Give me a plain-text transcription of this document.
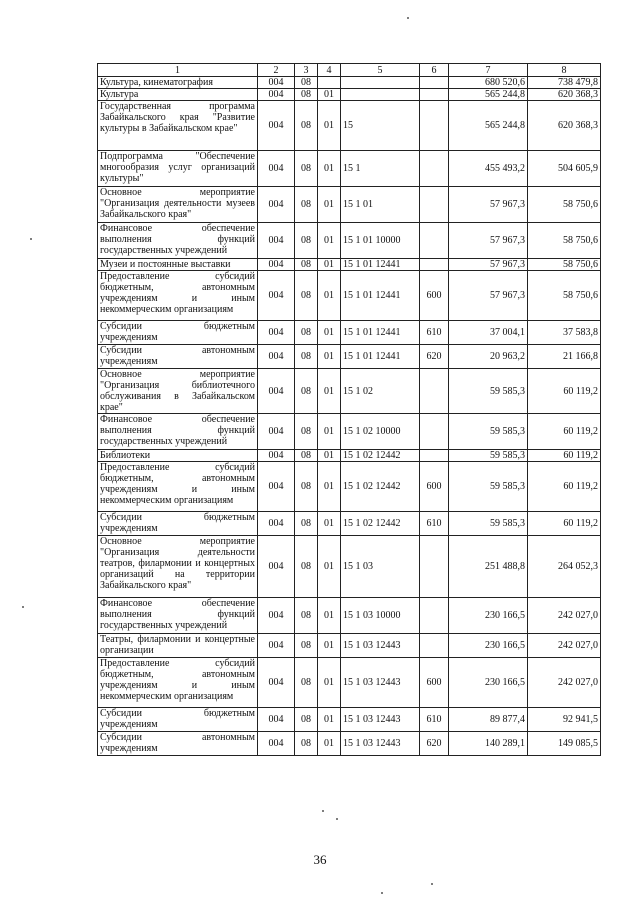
1	2	3	4	5	6	7	8
Культура, кинематография	004	08				680 520,6	738 479,8
Культура	004	08	01			565 244,8	620 368,3
Государственная программа Забайкальского края "Развитие культуры в Забайкальском крае"	004	08	01	15		565 244,8	620 368,3
Подпрограмма "Обеспечение многообразия услуг организаций культуры"	004	08	01	15 1		455 493,2	504 605,9
Основное мероприятие "Организация деятельности музеев Забайкальского края"	004	08	01	15 1 01		57 967,3	58 750,6
Финансовое обеспечение выполнения функций государственных учреждений	004	08	01	15 1 01 10000		57 967,3	58 750,6
Музеи и постоянные выставки	004	08	01	15 1 01 12441		57 967,3	58 750,6
Предоставление субсидий бюджетным, автономным учреждениям и иным некоммерческим организациям	004	08	01	15 1 01 12441	600	57 967,3	58 750,6
Субсидии бюджетным учреждениям	004	08	01	15 1 01 12441	610	37 004,1	37 583,8
Субсидии автономным учреждениям	004	08	01	15 1 01 12441	620	20 963,2	21 166,8
Основное мероприятие "Организация библиотечного обслуживания в Забайкальском крае"	004	08	01	15 1 02		59 585,3	60 119,2
Финансовое обеспечение выполнения функций государственных учреждений	004	08	01	15 1 02 10000		59 585,3	60 119,2
Библиотеки	004	08	01	15 1 02 12442		59 585,3	60 119,2
Предоставление субсидий бюджетным, автономным учреждениям и иным некоммерческим организациям	004	08	01	15 1 02 12442	600	59 585,3	60 119,2
Субсидии бюджетным учреждениям	004	08	01	15 1 02 12442	610	59 585,3	60 119,2
Основное мероприятие "Организация деятельности театров, филармонии и концертных организаций на территории Забайкальского края"	004	08	01	15 1 03		251 488,8	264 052,3
Финансовое обеспечение выполнения функций государственных учреждений	004	08	01	15 1 03 10000		230 166,5	242 027,0
Театры, филармонии и концертные организации	004	08	01	15 1 03 12443		230 166,5	242 027,0
Предоставление субсидий бюджетным, автономным учреждениям и иным некоммерческим организациям	004	08	01	15 1 03 12443	600	230 166,5	242 027,0
Субсидии бюджетным учреждениям	004	08	01	15 1 03 12443	610	89 877,4	92 941,5
Субсидии автономным учреждениям	004	08	01	15 1 03 12443	620	140 289,1	149 085,5
36
